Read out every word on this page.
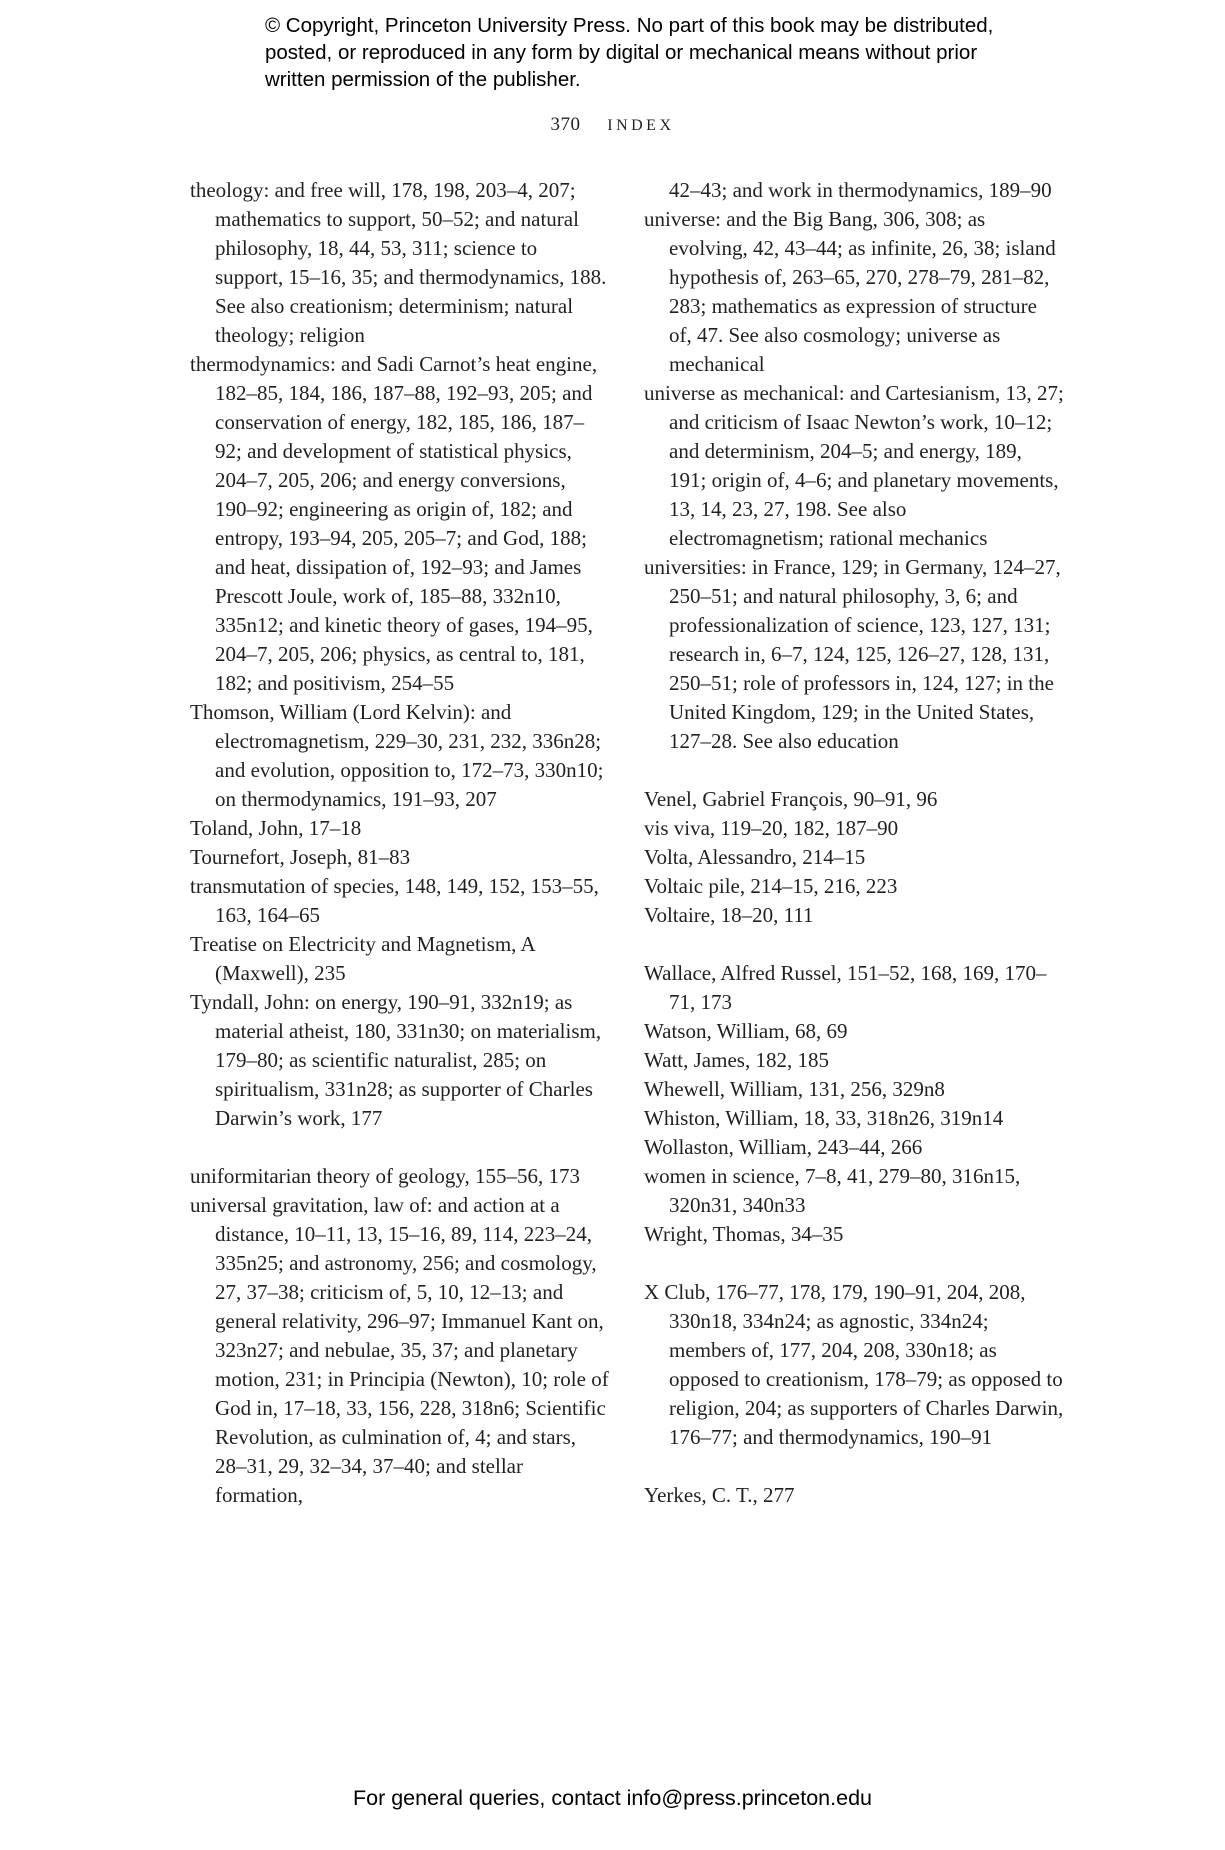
© Copyright, Princeton University Press. No part of this book may be distributed, posted, or reproduced in any form by digital or mechanical means without prior written permission of the publisher.
370 INDEX
theology: and free will, 178, 198, 203–4, 207; mathematics to support, 50–52; and natural philosophy, 18, 44, 53, 311; science to support, 15–16, 35; and thermodynamics, 188. See also creationism; determinism; natural theology; religion
thermodynamics: and Sadi Carnot’s heat engine, 182–85, 184, 186, 187–88, 192–93, 205; and conservation of energy, 182, 185, 186, 187–92; and development of statistical physics, 204–7, 205, 206; and energy conversions, 190–92; engineering as origin of, 182; and entropy, 193–94, 205, 205–7; and God, 188; and heat, dissipation of, 192–93; and James Prescott Joule, work of, 185–88, 332n10, 335n12; and kinetic theory of gases, 194–95, 204–7, 205, 206; physics, as central to, 181, 182; and positivism, 254–55
Thomson, William (Lord Kelvin): and electromagnetism, 229–30, 231, 232, 336n28; and evolution, opposition to, 172–73, 330n10; on thermodynamics, 191–93, 207
Toland, John, 17–18
Tournefort, Joseph, 81–83
transmutation of species, 148, 149, 152, 153–55, 163, 164–65
Treatise on Electricity and Magnetism, A (Maxwell), 235
Tyndall, John: on energy, 190–91, 332n19; as material atheist, 180, 331n30; on materialism, 179–80; as scientific naturalist, 285; on spiritualism, 331n28; as supporter of Charles Darwin’s work, 177
uniformitarian theory of geology, 155–56, 173
universal gravitation, law of: and action at a distance, 10–11, 13, 15–16, 89, 114, 223–24, 335n25; and astronomy, 256; and cosmology, 27, 37–38; criticism of, 5, 10, 12–13; and general relativity, 296–97; Immanuel Kant on, 323n27; and nebulae, 35, 37; and planetary motion, 231; in Principia (Newton), 10; role of God in, 17–18, 33, 156, 228, 318n6; Scientific Revolution, as culmination of, 4; and stars, 28–31, 29, 32–34, 37–40; and stellar formation,
42–43; and work in thermodynamics, 189–90
universe: and the Big Bang, 306, 308; as evolving, 42, 43–44; as infinite, 26, 38; island hypothesis of, 263–65, 270, 278–79, 281–82, 283; mathematics as expression of structure of, 47. See also cosmology; universe as mechanical
universe as mechanical: and Cartesianism, 13, 27; and criticism of Isaac Newton’s work, 10–12; and determinism, 204–5; and energy, 189, 191; origin of, 4–6; and planetary movements, 13, 14, 23, 27, 198. See also electromagnetism; rational mechanics
universities: in France, 129; in Germany, 124–27, 250–51; and natural philosophy, 3, 6; and professionalization of science, 123, 127, 131; research in, 6–7, 124, 125, 126–27, 128, 131, 250–51; role of professors in, 124, 127; in the United Kingdom, 129; in the United States, 127–28. See also education
Venel, Gabriel François, 90–91, 96
vis viva, 119–20, 182, 187–90
Volta, Alessandro, 214–15
Voltaic pile, 214–15, 216, 223
Voltaire, 18–20, 111
Wallace, Alfred Russel, 151–52, 168, 169, 170–71, 173
Watson, William, 68, 69
Watt, James, 182, 185
Whewell, William, 131, 256, 329n8
Whiston, William, 18, 33, 318n26, 319n14
Wollaston, William, 243–44, 266
women in science, 7–8, 41, 279–80, 316n15, 320n31, 340n33
Wright, Thomas, 34–35
X Club, 176–77, 178, 179, 190–91, 204, 208, 330n18, 334n24; as agnostic, 334n24; members of, 177, 204, 208, 330n18; as opposed to creationism, 178–79; as opposed to religion, 204; as supporters of Charles Darwin, 176–77; and thermodynamics, 190–91
Yerkes, C. T., 277
For general queries, contact info@press.princeton.edu
